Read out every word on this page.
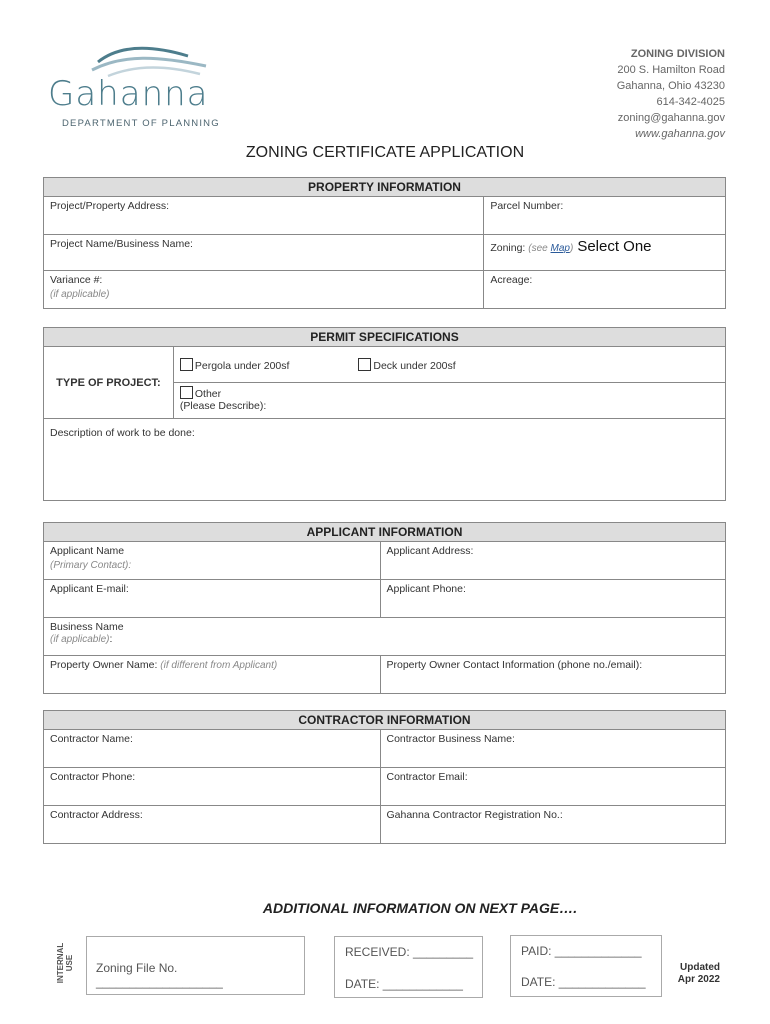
Gahanna
DEPARTMENT OF PLANNING
ZONING DIVISION
200 S. Hamilton Road
Gahanna, Ohio 43230
614-342-4025
zoning@gahanna.gov
www.gahanna.gov
ZONING CERTIFICATE APPLICATION
PROPERTY INFORMATION	
Project/Property Address:	Parcel Number:
Project Name/Business Name:	Zoning: (see Map) Select One
Variance #:
(if applicable)	Acreage:
PERMIT SPECIFICATIONS
TYPE OF PROJECT:	Pergola under 200sf	Deck under 200sf
Other
(Please Describe):
Description of work to be done:
APPLICANT INFORMATION	
Applicant Name
(Primary Contact):	Applicant Address:
Applicant E-mail:	Applicant Phone:
Business Name
(if applicable):	
Property Owner Name: (if different from Applicant)	Property Owner Contact Information (phone no./email):
CONTRACTOR INFORMATION	
Contractor Name:	Contractor Business Name:
Contractor Phone:	Contractor Email:
Contractor Address:	Gahanna Contractor Registration No.:
ADDITIONAL INFORMATION ON NEXT PAGE….
INTERNAL USE Zoning File No. ___________________
RECEIVED: _________
DATE: ____________
PAID: _____________
DATE: _____________
Updated
Apr 2022
